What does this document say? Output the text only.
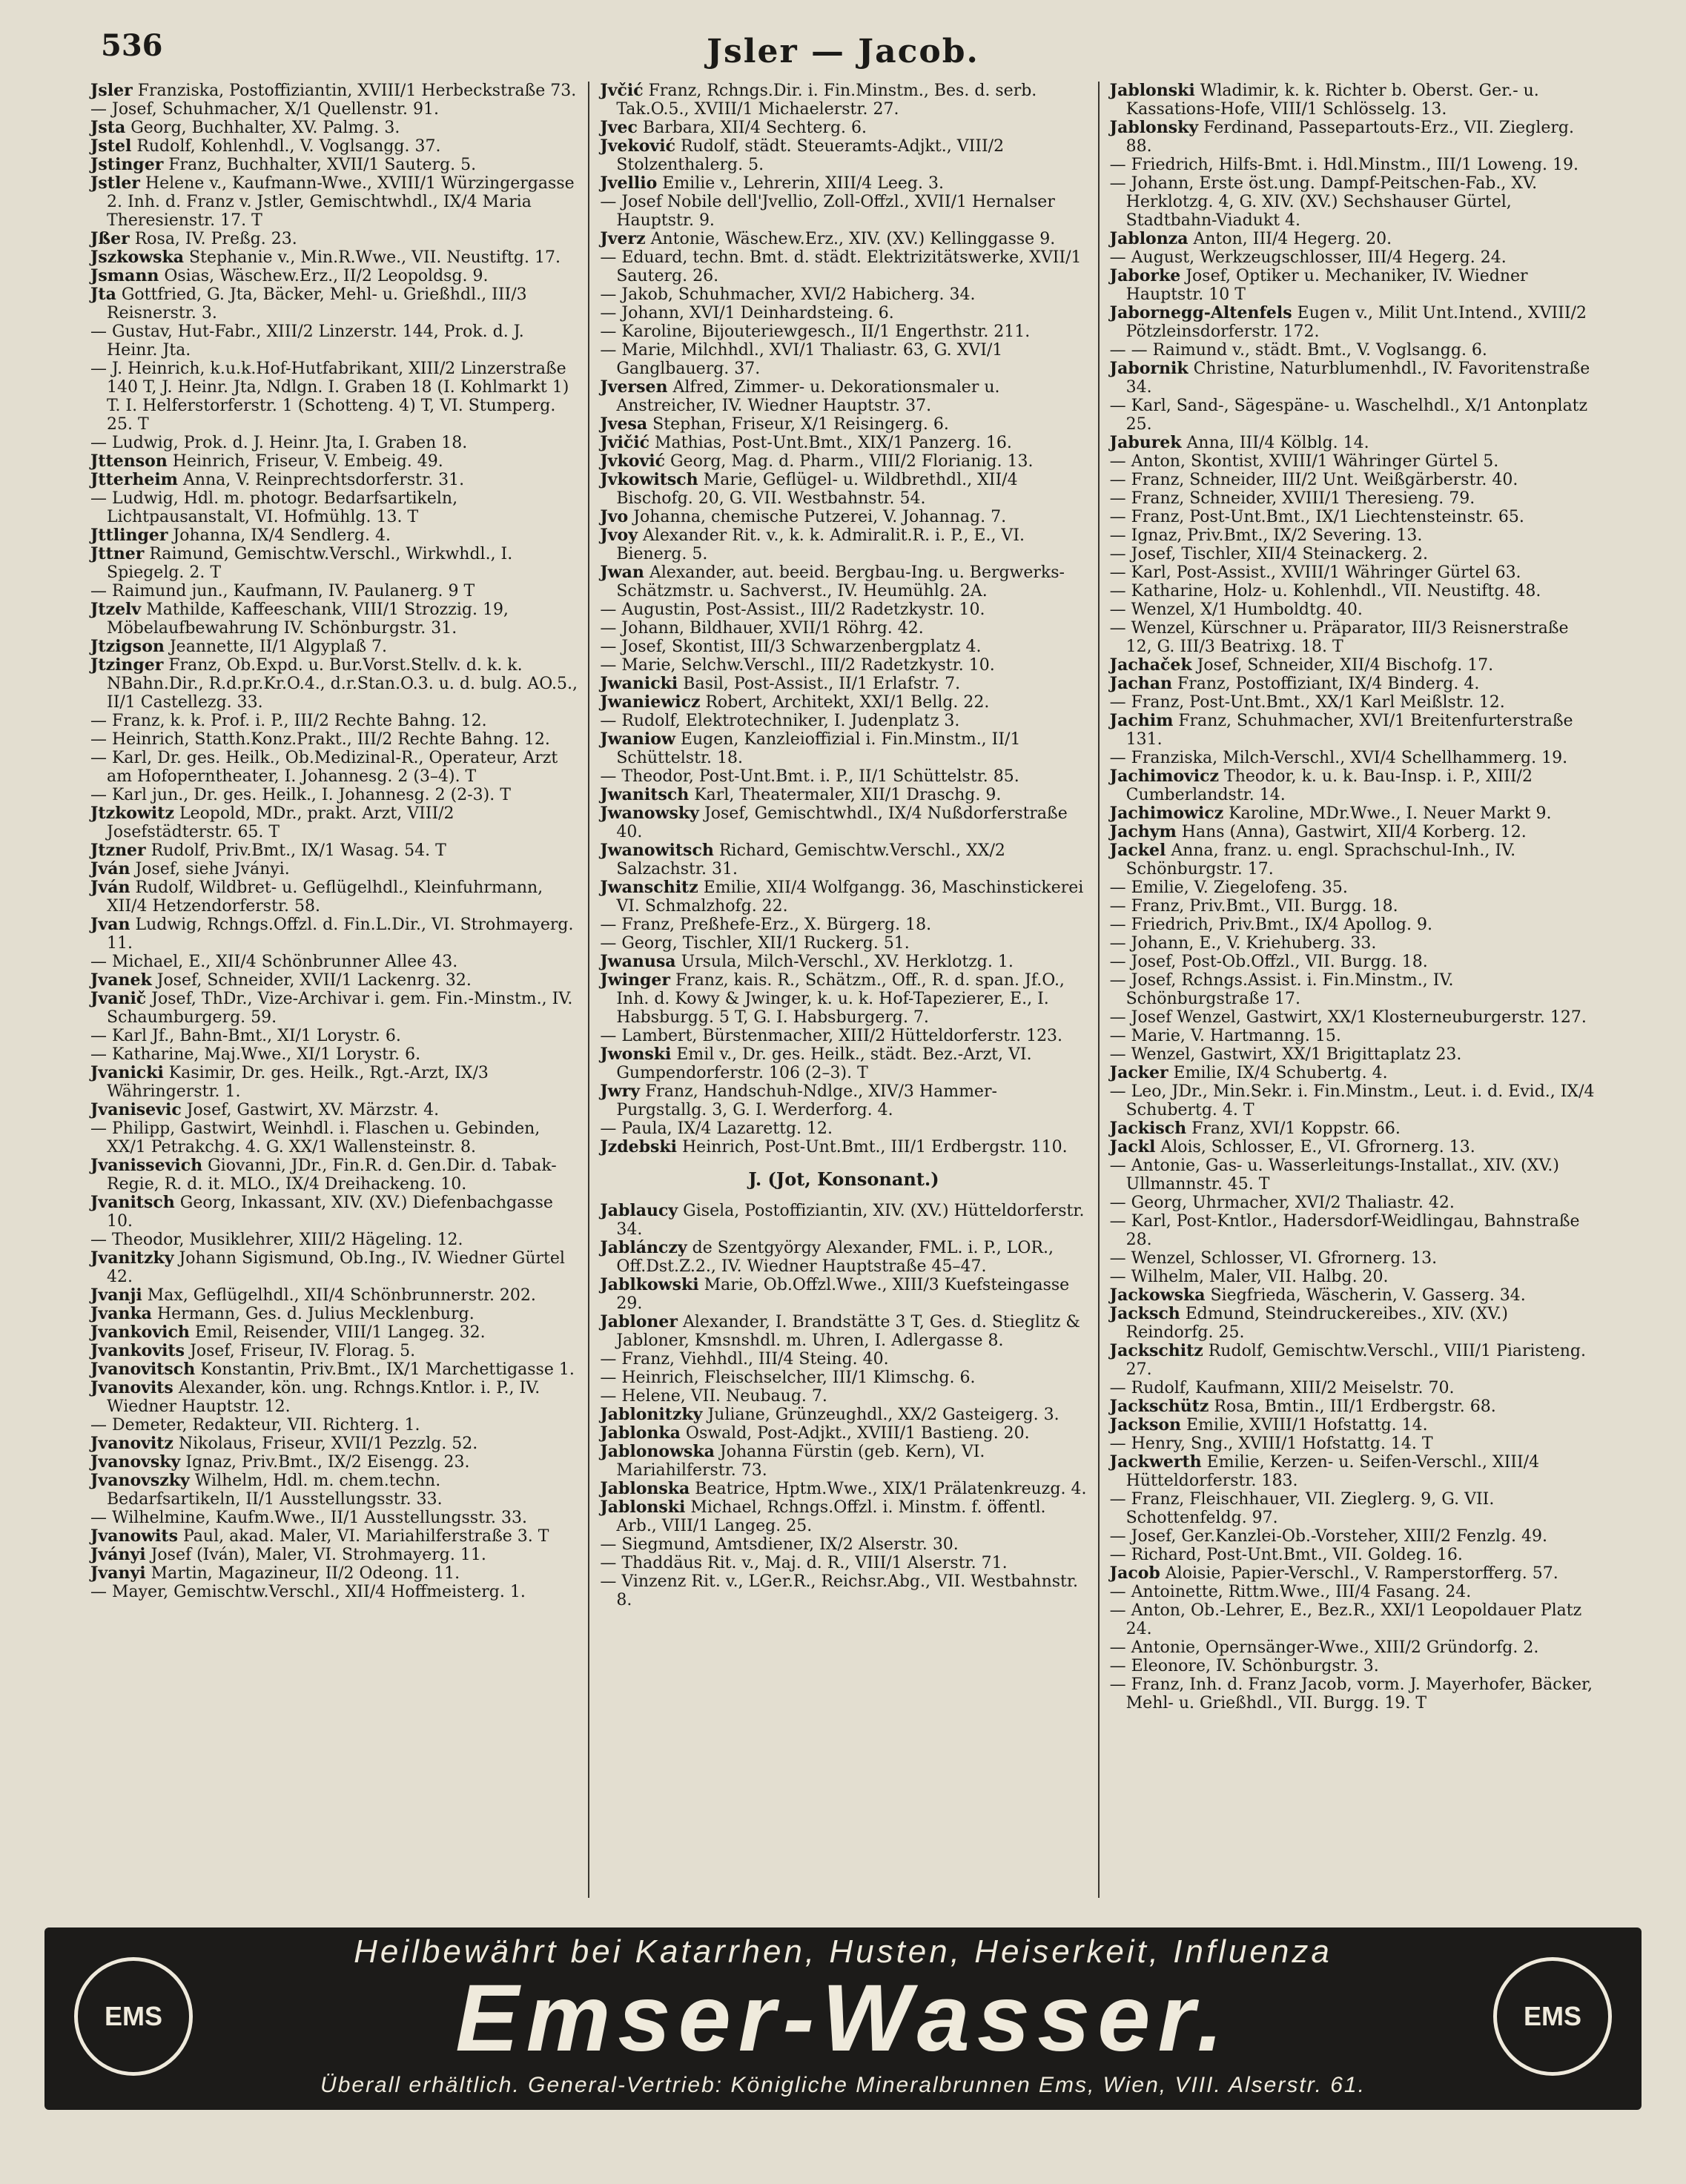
536	Jsler — Jacob.

Jsler Franziska, Postoffiziantin, XVIII/1 Herbeckstraße 73.

— Josef, Schuhmacher, X/1 Quellenstr. 91.

Jsta Georg, Buchhalter, XV. Palmg. 3.

Jstel Rudolf, Kohlenhdl., V. Voglsangg. 37.

Jstinger Franz, Buchhalter, XVII/1 Sauterg. 5.

Jstler Helene v., Kaufmann-Wwe., XVIII/1 Würzingergasse 2. Inh. d. Franz v. Jstler, Gemischtwhdl., IX/4 Maria Theresienstr. 17. T

Jßer Rosa, IV. Preßg. 23.

Jszkowska Stephanie v., Min.R.Wwe., VII. Neustiftg. 17.

Jsmann Osias, Wäschew.Erz., II/2 Leopoldsg. 9.

Jta Gottfried, G. Jta, Bäcker, Mehl- u. Grießhdl., III/3 Reisnerstr. 3.

— Gustav, Hut-Fabr., XIII/2 Linzerstr. 144, Prok. d. J. Heinr. Jta.

— J. Heinrich, k.u.k.Hof-Hutfabrikant, XIII/2 Linzerstraße 140 T, J. Heinr. Jta, Ndlgn. I. Graben 18 (I. Kohlmarkt 1) T. I. Helferstorferstr. 1 (Schotteng. 4) T, VI. Stumperg. 25. T

— Ludwig, Prok. d. J. Heinr. Jta, I. Graben 18.

Jttenson Heinrich, Friseur, V. Embeig. 49.

Jtterheim Anna, V. Reinprechtsdorferstr. 31.

— Ludwig, Hdl. m. photogr. Bedarfsartikeln, Lichtpausanstalt, VI. Hofmühlg. 13. T

Jttlinger Johanna, IX/4 Sendlerg. 4.

Jttner Raimund, Gemischtw.Verschl., Wirkwhdl., I. Spiegelg. 2. T

— Raimund jun., Kaufmann, IV. Paulanerg. 9 T

Jtzelv Mathilde, Kaffeeschank, VIII/1 Strozzig. 19, Möbelaufbewahrung IV. Schönburgstr. 31.

Jtzigson Jeannette, II/1 Algyplaß 7.

Jtzinger Franz, Ob.Expd. u. Bur.Vorst.Stellv. d. k. k. NBahn.Dir., R.d.pr.Kr.O.4., d.r.Stan.O.3. u. d. bulg. AO.5., II/1 Castellezg. 33.

— Franz, k. k. Prof. i. P., III/2 Rechte Bahng. 12.

— Heinrich, Statth.Konz.Prakt., III/2 Rechte Bahng. 12.

— Karl, Dr. ges. Heilk., Ob.Medizinal-R., Operateur, Arzt am Hofoperntheater, I. Johannesg. 2 (3–4). T

— Karl jun., Dr. ges. Heilk., I. Johannesg. 2 (2-3). T

Jtzkowitz Leopold, MDr., prakt. Arzt, VIII/2 Josefstädterstr. 65. T

Jtzner Rudolf, Priv.Bmt., IX/1 Wasag. 54. T

Jván Josef, siehe Jványi.

Jván Rudolf, Wildbret- u. Geflügelhdl., Kleinfuhrmann, XII/4 Hetzendorferstr. 58.

Jvan Ludwig, Rchngs.Offzl. d. Fin.L.Dir., VI. Strohmayerg. 11.

— Michael, E., XII/4 Schönbrunner Allee 43.

Jvanek Josef, Schneider, XVII/1 Lackenrg. 32.

Jvanič Josef, ThDr., Vize-Archivar i. gem. Fin.-Minstm., IV. Schaumburgerg. 59.

— Karl Jf., Bahn-Bmt., XI/1 Lorystr. 6.

— Katharine, Maj.Wwe., XI/1 Lorystr. 6.

Jvanicki Kasimir, Dr. ges. Heilk., Rgt.-Arzt, IX/3 Währingerstr. 1.

Jvanisevic Josef, Gastwirt, XV. Märzstr. 4.

— Philipp, Gastwirt, Weinhdl. i. Flaschen u. Gebinden, XX/1 Petrakchg. 4. G. XX/1 Wallensteinstr. 8.

Jvanissevich Giovanni, JDr., Fin.R. d. Gen.Dir. d. Tabak-Regie, R. d. it. MLO., IX/4 Dreihackeng. 10.

Jvanitsch Georg, Inkassant, XIV. (XV.) Diefenbachgasse 10.

— Theodor, Musiklehrer, XIII/2 Hägeling. 12.

Jvanitzky Johann Sigismund, Ob.Ing., IV. Wiedner Gürtel 42.

Jvanji Max, Geflügelhdl., XII/4 Schönbrunnerstr. 202.

Jvanka Hermann, Ges. d. Julius Mecklenburg.

Jvankovich Emil, Reisender, VIII/1 Langeg. 32.

Jvankovits Josef, Friseur, IV. Florag. 5.

Jvanovitsch Konstantin, Priv.Bmt., IX/1 Marchettigasse 1.

Jvanovits Alexander, kön. ung. Rchngs.Kntlor. i. P., IV. Wiedner Hauptstr. 12.

— Demeter, Redakteur, VII. Richterg. 1.

Jvanovitz Nikolaus, Friseur, XVII/1 Pezzlg. 52.

Jvanovsky Ignaz, Priv.Bmt., IX/2 Eisengg. 23.

Jvanovszky Wilhelm, Hdl. m. chem.techn. Bedarfsartikeln, II/1 Ausstellungsstr. 33.

— Wilhelmine, Kaufm.Wwe., II/1 Ausstellungsstr. 33.

Jvanowits Paul, akad. Maler, VI. Mariahilferstraße 3. T

Jványi Josef (Iván), Maler, VI. Strohmayerg. 11.

Jvanyi Martin, Magazineur, II/2 Odeong. 11.

— Mayer, Gemischtw.Verschl., XII/4 Hoffmeisterg. 1.

Jvčić Franz, Rchngs.Dir. i. Fin.Minstm., Bes. d. serb. Tak.O.5., XVIII/1 Michaelerstr. 27.

Jvec Barbara, XII/4 Sechterg. 6.

Jveković Rudolf, städt. Steueramts-Adjkt., VIII/2 Stolzenthalerg. 5.

Jvellio Emilie v., Lehrerin, XIII/4 Leeg. 3.

— Josef Nobile dell'Jvellio, Zoll-Offzl., XVII/1 Hernalser Hauptstr. 9.

Jverz Antonie, Wäschew.Erz., XIV. (XV.) Kellinggasse 9.

— Eduard, techn. Bmt. d. städt. Elektrizitätswerke, XVII/1 Sauterg. 26.

— Jakob, Schuhmacher, XVI/2 Habicherg. 34.

— Johann, XVI/1 Deinhardsteing. 6.

— Karoline, Bijouteriewgesch., II/1 Engerthstr. 211.

— Marie, Milchhdl., XVI/1 Thaliastr. 63, G. XVI/1 Ganglbauerg. 37.

Jversen Alfred, Zimmer- u. Dekorationsmaler u. Anstreicher, IV. Wiedner Hauptstr. 37.

Jvesa Stephan, Friseur, X/1 Reisingerg. 6.

Jvičić Mathias, Post-Unt.Bmt., XIX/1 Panzerg. 16.

Jvković Georg, Mag. d. Pharm., VIII/2 Florianig. 13.

Jvkowitsch Marie, Geflügel- u. Wildbrethdl., XII/4 Bischofg. 20, G. VII. Westbahnstr. 54.

Jvo Johanna, chemische Putzerei, V. Johannag. 7.

Jvoy Alexander Rit. v., k. k. Admiralit.R. i. P., E., VI. Bienerg. 5.

Jwan Alexander, aut. beeid. Bergbau-Ing. u. Bergwerks-Schätzmstr. u. Sachverst., IV. Heumühlg. 2A.

— Augustin, Post-Assist., III/2 Radetzkystr. 10.

— Johann, Bildhauer, XVII/1 Röhrg. 42.

— Josef, Skontist, III/3 Schwarzenbergplatz 4.

— Marie, Selchw.Verschl., III/2 Radetzkystr. 10.

Jwanicki Basil, Post-Assist., II/1 Erlafstr. 7.

Jwaniewicz Robert, Architekt, XXI/1 Bellg. 22.

— Rudolf, Elektrotechniker, I. Judenplatz 3.

Jwaniow Eugen, Kanzleioffizial i. Fin.Minstm., II/1 Schüttelstr. 18.

— Theodor, Post-Unt.Bmt. i. P., II/1 Schüttelstr. 85.

Jwanitsch Karl, Theatermaler, XII/1 Draschg. 9.

Jwanowsky Josef, Gemischtwhdl., IX/4 Nußdorferstraße 40.

Jwanowitsch Richard, Gemischtw.Verschl., XX/2 Salzachstr. 31.

Jwanschitz Emilie, XII/4 Wolfgangg. 36, Maschinstickerei VI. Schmalzhofg. 22.

— Franz, Preßhefe-Erz., X. Bürgerg. 18.

— Georg, Tischler, XII/1 Ruckerg. 51.

Jwanusa Ursula, Milch-Verschl., XV. Herklotzg. 1.

Jwinger Franz, kais. R., Schätzm., Off., R. d. span. Jf.O., Inh. d. Kowy & Jwinger, k. u. k. Hof-Tapezierer, E., I. Habsburgg. 5 T, G. I. Habsburgerg. 7.

— Lambert, Bürstenmacher, XIII/2 Hütteldorferstr. 123.

Jwonski Emil v., Dr. ges. Heilk., städt. Bez.-Arzt, VI. Gumpendorferstr. 106 (2–3). T

Jwry Franz, Handschuh-Ndlge., XIV/3 Hammer-Purgstallg. 3, G. I. Werderforg. 4.

— Paula, IX/4 Lazarettg. 12.

Jzdebski Heinrich, Post-Unt.Bmt., III/1 Erdbergstr. 110.

J. (Jot, Konsonant.)

Jablaucy Gisela, Postoffiziantin, XIV. (XV.) Hütteldorferstr. 34.

Jablánczy de Szentgyörgy Alexander, FML. i. P., LOR., Off.Dst.Z.2., IV. Wiedner Hauptstraße 45–47.

Jablkowski Marie, Ob.Offzl.Wwe., XIII/3 Kuefsteingasse 29.

Jabloner Alexander, I. Brandstätte 3 T, Ges. d. Stieglitz & Jabloner, Kmsnshdl. m. Uhren, I. Adlergasse 8.

— Franz, Viehhdl., III/4 Steing. 40.

— Heinrich, Fleischselcher, III/1 Klimschg. 6.

— Helene, VII. Neubaug. 7.

Jablonitzky Juliane, Grünzeughdl., XX/2 Gasteigerg. 3.

Jablonka Oswald, Post-Adjkt., XVIII/1 Bastieng. 20.

Jablonowska Johanna Fürstin (geb. Kern), VI. Mariahilferstr. 73.

Jablonska Beatrice, Hptm.Wwe., XIX/1 Prälatenkreuzg. 4.

Jablonski Michael, Rchngs.Offzl. i. Minstm. f. öffentl. Arb., VIII/1 Langeg. 25.

— Siegmund, Amtsdiener, IX/2 Alserstr. 30.

— Thaddäus Rit. v., Maj. d. R., VIII/1 Alserstr. 71.

— Vinzenz Rit. v., LGer.R., Reichsr.Abg., VII. Westbahnstr. 8.

Jablonski Wladimir, k. k. Richter b. Oberst. Ger.- u. Kassations-Hofe, VIII/1 Schlösselg. 13.

Jablonsky Ferdinand, Passepartouts-Erz., VII. Zieglerg. 88.

— Friedrich, Hilfs-Bmt. i. Hdl.Minstm., III/1 Loweng. 19.

— Johann, Erste öst.ung. Dampf-Peitschen-Fab., XV. Herklotzg. 4, G. XIV. (XV.) Sechshauser Gürtel, Stadtbahn-Viadukt 4.

Jablonza Anton, III/4 Hegerg. 20.

— August, Werkzeugschlosser, III/4 Hegerg. 24.

Jaborke Josef, Optiker u. Mechaniker, IV. Wiedner Hauptstr. 10 T

Jabornegg-Altenfels Eugen v., Milit Unt.Intend., XVIII/2 Pötzleinsdorferstr. 172.

— — Raimund v., städt. Bmt., V. Voglsangg. 6.

Jabornik Christine, Naturblumenhdl., IV. Favoritenstraße 34.

— Karl, Sand-, Sägespäne- u. Waschelhdl., X/1 Antonplatz 25.

Jaburek Anna, III/4 Kölblg. 14.

— Anton, Skontist, XVIII/1 Währinger Gürtel 5.

— Franz, Schneider, III/2 Unt. Weißgärberstr. 40.

— Franz, Schneider, XVIII/1 Theresieng. 79.

— Franz, Post-Unt.Bmt., IX/1 Liechtensteinstr. 65.

— Ignaz, Priv.Bmt., IX/2 Severing. 13.

— Josef, Tischler, XII/4 Steinackerg. 2.

— Karl, Post-Assist., XVIII/1 Währinger Gürtel 63.

— Katharine, Holz- u. Kohlenhdl., VII. Neustiftg. 48.

— Wenzel, X/1 Humboldtg. 40.

— Wenzel, Kürschner u. Präparator, III/3 Reisnerstraße 12, G. III/3 Beatrixg. 18. T

Jachaček Josef, Schneider, XII/4 Bischofg. 17.

Jachan Franz, Postoffiziant, IX/4 Binderg. 4.

— Franz, Post-Unt.Bmt., XX/1 Karl Meißlstr. 12.

Jachim Franz, Schuhmacher, XVI/1 Breitenfurterstraße 131.

— Franziska, Milch-Verschl., XVI/4 Schellhammerg. 19.

Jachimovicz Theodor, k. u. k. Bau-Insp. i. P., XIII/2 Cumberlandstr. 14.

Jachimowicz Karoline, MDr.Wwe., I. Neuer Markt 9.

Jachym Hans (Anna), Gastwirt, XII/4 Korberg. 12.

Jackel Anna, franz. u. engl. Sprachschul-Inh., IV. Schönburgstr. 17.

— Emilie, V. Ziegelofeng. 35.

— Franz, Priv.Bmt., VII. Burgg. 18.

— Friedrich, Priv.Bmt., IX/4 Apollog. 9.

— Johann, E., V. Kriehuberg. 33.

— Josef, Post-Ob.Offzl., VII. Burgg. 18.

— Josef, Rchngs.Assist. i. Fin.Minstm., IV. Schönburgstraße 17.

— Josef Wenzel, Gastwirt, XX/1 Klosterneuburgerstr. 127.

— Marie, V. Hartmanng. 15.

— Wenzel, Gastwirt, XX/1 Brigittaplatz 23.

Jacker Emilie, IX/4 Schubertg. 4.

— Leo, JDr., Min.Sekr. i. Fin.Minstm., Leut. i. d. Evid., IX/4 Schubertg. 4. T

Jackisch Franz, XVI/1 Koppstr. 66.

Jackl Alois, Schlosser, E., VI. Gfrornerg. 13.

— Antonie, Gas- u. Wasserleitungs-Installat., XIV. (XV.) Ullmannstr. 45. T

— Georg, Uhrmacher, XVI/2 Thaliastr. 42.

— Karl, Post-Kntlor., Hadersdorf-Weidlingau, Bahnstraße 28.

— Wenzel, Schlosser, VI. Gfrornerg. 13.

— Wilhelm, Maler, VII. Halbg. 20.

Jackowska Siegfrieda, Wäscherin, V. Gasserg. 34.

Jacksch Edmund, Steindruckereibes., XIV. (XV.) Reindorfg. 25.

Jackschitz Rudolf, Gemischtw.Verschl., VIII/1 Piaristeng. 27.

— Rudolf, Kaufmann, XIII/2 Meiselstr. 70.

Jackschütz Rosa, Bmtin., III/1 Erdbergstr. 68.

Jackson Emilie, XVIII/1 Hofstattg. 14.

— Henry, Sng., XVIII/1 Hofstattg. 14. T

Jackwerth Emilie, Kerzen- u. Seifen-Verschl., XIII/4 Hütteldorferstr. 183.

— Franz, Fleischhauer, VII. Zieglerg. 9, G. VII. Schottenfeldg. 97.

— Josef, Ger.Kanzlei-Ob.-Vorsteher, XIII/2 Fenzlg. 49.

— Richard, Post-Unt.Bmt., VII. Goldeg. 16.

Jacob Aloisie, Papier-Verschl., V. Ramperstorfferg. 57.

— Antoinette, Rittm.Wwe., III/4 Fasang. 24.

— Anton, Ob.-Lehrer, E., Bez.R., XXI/1 Leopoldauer Platz 24.

— Antonie, Opernsänger-Wwe., XIII/2 Gründorfg. 2.

— Eleonore, IV. Schönburgstr. 3.

— Franz, Inh. d. Franz Jacob, vorm. J. Mayerhofer, Bäcker, Mehl- u. Grießhdl., VII. Burgg. 19. T

EMS
Heilbewährt bei Katarrhen, Husten, Heiserkeit, Influenza
Emser-Wasser.
Überall erhältlich. General-Vertrieb: Königliche Mineralbrunnen Ems, Wien, VIII. Alserstr. 61.
EMS
